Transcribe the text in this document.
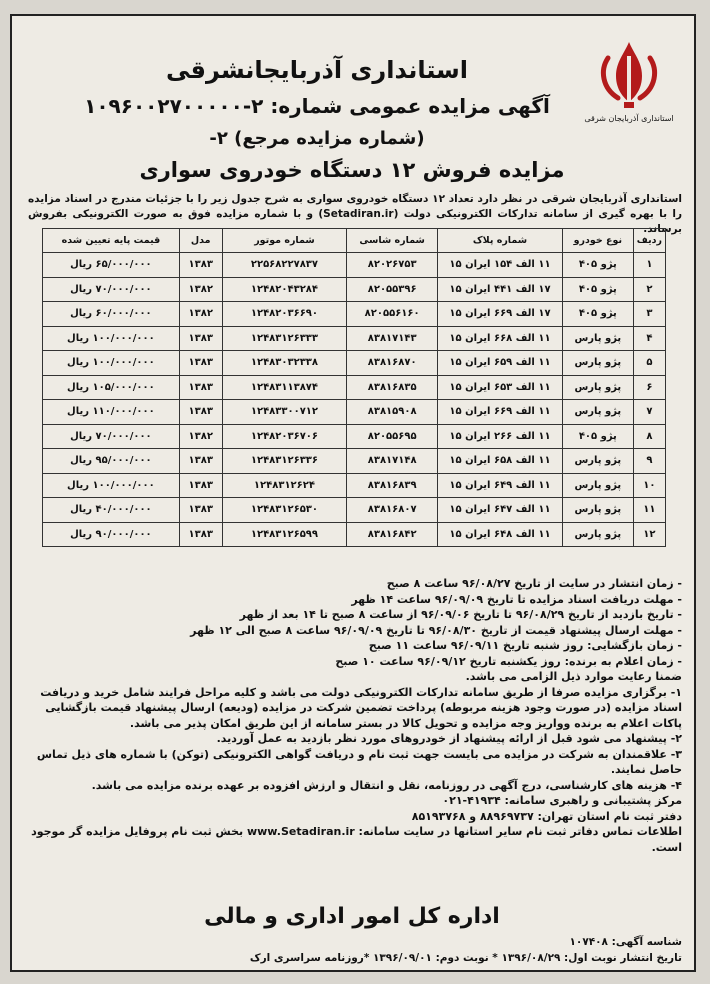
استانداری آذربایجان شرقی
استانداری آذربایجانشرقی
آگهی مزایده عمومی شماره: ۲-۱۰۹۶۰۰۲۷۰۰۰۰۰
(شماره مزایده مرجع) ۲-
مزایده فروش ۱۲ دستگاه خودروی سواری
استانداری آذربایجان شرقی در نظر دارد تعداد ۱۲ دستگاه خودروی سواری به شرح جدول زیر را با جزئیات مندرج در اسناد مزایده را با بهره گیری از سامانه تدارکات الکترونیکی دولت (Setadiran.ir) و با شماره مزایده فوق به صورت الکترونیکی بفروش برساند.
ردیف	نوع خودرو	شماره پلاک	شماره شاسی	شماره موتور	مدل	قیمت پایه تعیین شده
۱	پژو ۴۰۵	۱۱ الف ۱۵۴ ایران ۱۵	۸۲۰۲۶۷۵۳	۲۲۵۶۸۲۲۷۸۳۷	۱۳۸۳	۶۵/۰۰۰/۰۰۰ ریال
۲	پژو ۴۰۵	۱۷ الف ۴۴۱ ایران ۱۵	۸۲۰۵۵۳۹۶	۱۲۴۸۲۰۴۳۲۸۴	۱۳۸۲	۷۰/۰۰۰/۰۰۰ ریال
۳	پژو ۴۰۵	۱۷ الف ۶۶۹ ایران ۱۵	۸۲۰۵۵۶۱۶۰	۱۲۴۸۲۰۳۶۶۹۰	۱۳۸۲	۶۰/۰۰۰/۰۰۰ ریال
۴	پژو پارس	۱۱ الف ۶۶۸ ایران ۱۵	۸۳۸۱۷۱۴۳	۱۲۴۸۳۱۲۶۳۳۳	۱۳۸۳	۱۰۰/۰۰۰/۰۰۰ ریال
۵	پژو پارس	۱۱ الف ۶۵۹ ایران ۱۵	۸۳۸۱۶۸۷۰	۱۲۴۸۳۰۳۲۳۳۸	۱۳۸۳	۱۰۰/۰۰۰/۰۰۰ ریال
۶	پژو پارس	۱۱ الف ۶۵۳ ایران ۱۵	۸۳۸۱۶۸۳۵	۱۲۴۸۳۱۱۳۸۷۴	۱۳۸۳	۱۰۵/۰۰۰/۰۰۰ ریال
۷	پژو پارس	۱۱ الف ۶۶۹ ایران ۱۵	۸۳۸۱۵۹۰۸	۱۲۴۸۳۳۰۰۷۱۲	۱۳۸۳	۱۱۰/۰۰۰/۰۰۰ ریال
۸	پژو ۴۰۵	۱۱ الف ۲۶۶ ایران ۱۵	۸۲۰۵۵۶۹۵	۱۲۴۸۲۰۳۶۷۰۶	۱۳۸۲	۷۰/۰۰۰/۰۰۰ ریال
۹	پژو پارس	۱۱ الف ۶۵۸ ایران ۱۵	۸۳۸۱۷۱۴۸	۱۲۴۸۳۱۲۶۳۳۶	۱۳۸۳	۹۵/۰۰۰/۰۰۰ ریال
۱۰	پژو پارس	۱۱ الف ۶۴۹ ایران ۱۵	۸۳۸۱۶۸۳۹	۱۲۴۸۳۱۲۶۲۴	۱۳۸۳	۱۰۰/۰۰۰/۰۰۰ ریال
۱۱	پژو پارس	۱۱ الف ۶۴۷ ایران ۱۵	۸۳۸۱۶۸۰۷	۱۲۴۸۳۱۲۶۵۳۰	۱۳۸۳	۴۰/۰۰۰/۰۰۰ ریال
۱۲	پژو پارس	۱۱ الف ۶۴۸ ایران ۱۵	۸۳۸۱۶۸۴۲	۱۲۴۸۳۱۲۶۵۹۹	۱۳۸۳	۹۰/۰۰۰/۰۰۰ ریال
- زمان انتشار در سایت از تاریخ ۹۶/۰۸/۲۷ ساعت ۸ صبح
- مهلت دریافت اسناد مزایده تا تاریخ ۹۶/۰۹/۰۹ ساعت ۱۴ ظهر
- تاریخ بازدید از تاریخ ۹۶/۰۸/۲۹ تا تاریخ ۹۶/۰۹/۰۶ از ساعت ۸ صبح تا ۱۴ بعد از ظهر
- مهلت ارسال پیشنهاد قیمت از تاریخ ۹۶/۰۸/۳۰ تا تاریخ ۹۶/۰۹/۰۹ ساعت ۸ صبح الی ۱۲ ظهر
- زمان بازگشایی: روز شنبه تاریخ ۹۶/۰۹/۱۱ ساعت ۱۱ صبح
- زمان اعلام به برنده: روز یکشنبه تاریخ ۹۶/۰۹/۱۲ ساعت ۱۰ صبح
ضمنا رعایت موارد ذیل الزامی می باشد.
۱- برگزاری مزایده صرفا از طریق سامانه تدارکات الکترونیکی دولت می باشد و کلیه مراحل فرایند شامل خرید و دریافت اسناد مزایده (در صورت وجود هزینه مربوطه) پرداخت تضمین شرکت در مزایده (ودیعه) ارسال پیشنهاد قیمت بازگشایی پاکات اعلام به برنده وواریز وجه مزایده و تحویل کالا در بستر سامانه از این طریق امکان پذیر می باشد.
۲- پیشنهاد می شود قبل از ارائه پیشنهاد از خودروهای مورد نظر بازدید به عمل آوردید.
۳- علاقمندان به شرکت در مزایده می بایست جهت ثبت نام و دریافت گواهی الکترونیکی (توکن) با شماره های ذیل تماس حاصل نمایند.
۴- هزینه های کارشناسی، درج آگهی در روزنامه، نقل و انتقال و ارزش افزوده بر عهده برنده مزایده می باشد.
مرکز پشتیبانی و راهبری سامانه: ۴۱۹۳۴-۰۲۱
دفتر ثبت نام استان تهران: ۸۸۹۶۹۷۳۷ و ۸۵۱۹۳۷۶۸
اطلاعات تماس دفاتر ثبت نام سایر استانها در سایت سامانه: www.Setadiran.ir بخش ثبت نام پروفایل مزایده گر موجود است.
اداره کل امور اداری و مالی
شناسه آگهی: ۱۰۷۴۰۸
تاریخ انتشار نوبت اول: ۱۳۹۶/۰۸/۲۹ * نوبت دوم: ۱۳۹۶/۰۹/۰۱ *روزنامه سراسری ارک
